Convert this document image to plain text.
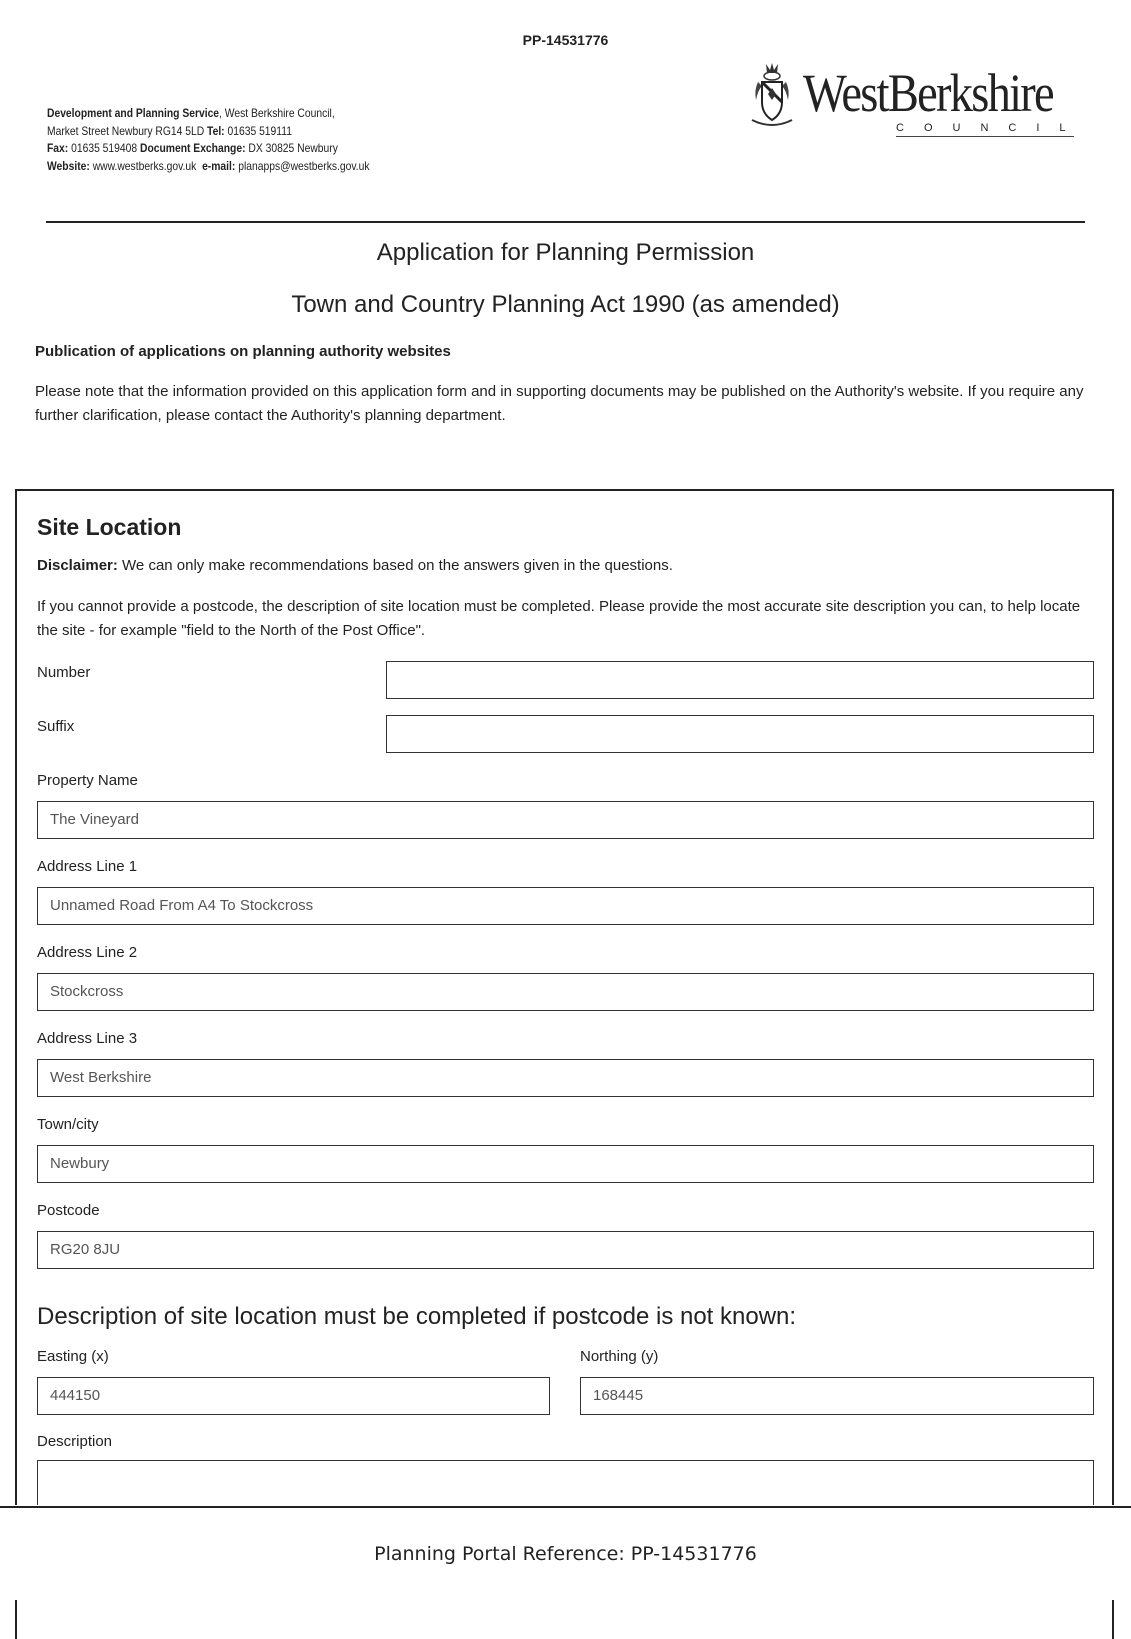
PP-14531776
Development and Planning Service, West Berkshire Council,
Market Street Newbury RG14 5LD Tel: 01635 519111
Fax: 01635 519408 Document Exchange: DX 30825 Newbury
Website: www.westberks.gov.uk e-mail: planapps@westberks.gov.uk
WestBerkshire
COUNCIL
Application for Planning Permission
Town and Country Planning Act 1990 (as amended)
Publication of applications on planning authority websites
Please note that the information provided on this application form and in supporting documents may be published on the Authority's website. If you require any further clarification, please contact the Authority's planning department.
Site Location
Disclaimer: We can only make recommendations based on the answers given in the questions.
If you cannot provide a postcode, the description of site location must be completed. Please provide the most accurate site description you can, to help locate the site - for example "field to the North of the Post Office".
Number
Suffix
Property Name
The Vineyard
Address Line 1
Unnamed Road From A4 To Stockcross
Address Line 2
Stockcross
Address Line 3
West Berkshire
Town/city
Newbury
Postcode
RG20 8JU
Description of site location must be completed if postcode is not known:
Easting (x)
444150
Northing (y)
168445
Description
Planning Portal Reference: PP-14531776
